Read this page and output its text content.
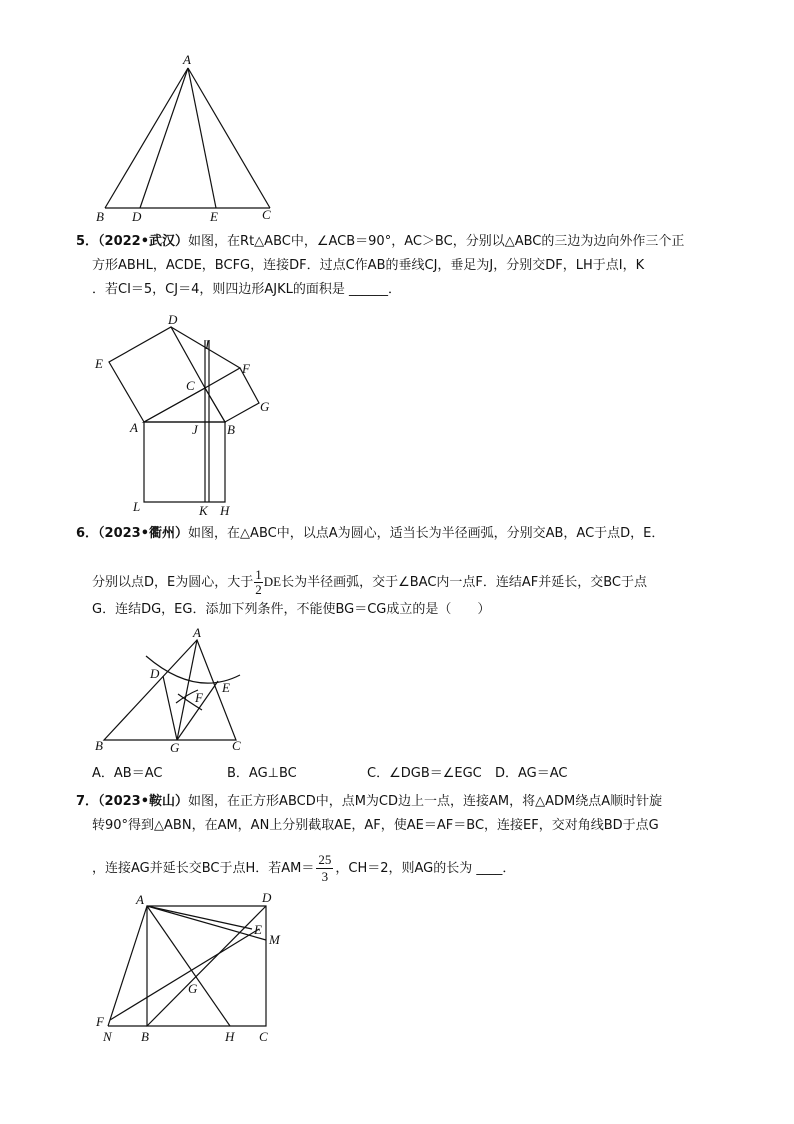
A
B D	E	C
5．（2022•武汉）如图，在Rt△ABC中，∠ACB＝90°，AC＞BC，分别以△ABC的三边为边向外作三个正
方形ABHL，ACDE，BCFG，连接DF．过点C作AB的垂线CJ，垂足为J，分别交DF，LH于点I，K
．若CI＝5，CJ＝4，则四边形AJKL的面积是 ______．
D
I
E	F
C
G
A	J B
L	K H
6．（2023•衢州）如图，在△ABC中，以点A为圆心，适当长为半径画弧，分别交AB，AC于点D，E．
分别以点D，E为圆心，大于 $\frac{1}{2}$ DE长为半径画弧，交于∠BAC内一点F．连结AF并延长，交BC于点
G．连结DG，EG．添加下列条件，不能使BG＝CG成立的是（　　）
A
D
E
F
B	G	C
A．AB＝AC	B．AG⊥BC	C．∠DGB＝∠EGC D．AG＝AC
7．（2023•鞍山）如图，在正方形ABCD中，点M为CD边上一点，连接AM，将△ADM绕点A顺时针旋
转90°得到△ABN，在AM，AN上分别截取AE，AF，使AE＝AF＝BC，连接EF，交对角线BD于点G
，连接AG并延长交BC于点H．若$AM= \frac{25}{3}$ ，CH＝2，则AG的长为 ____．
A	D
E
M
G
F
N B	H C
